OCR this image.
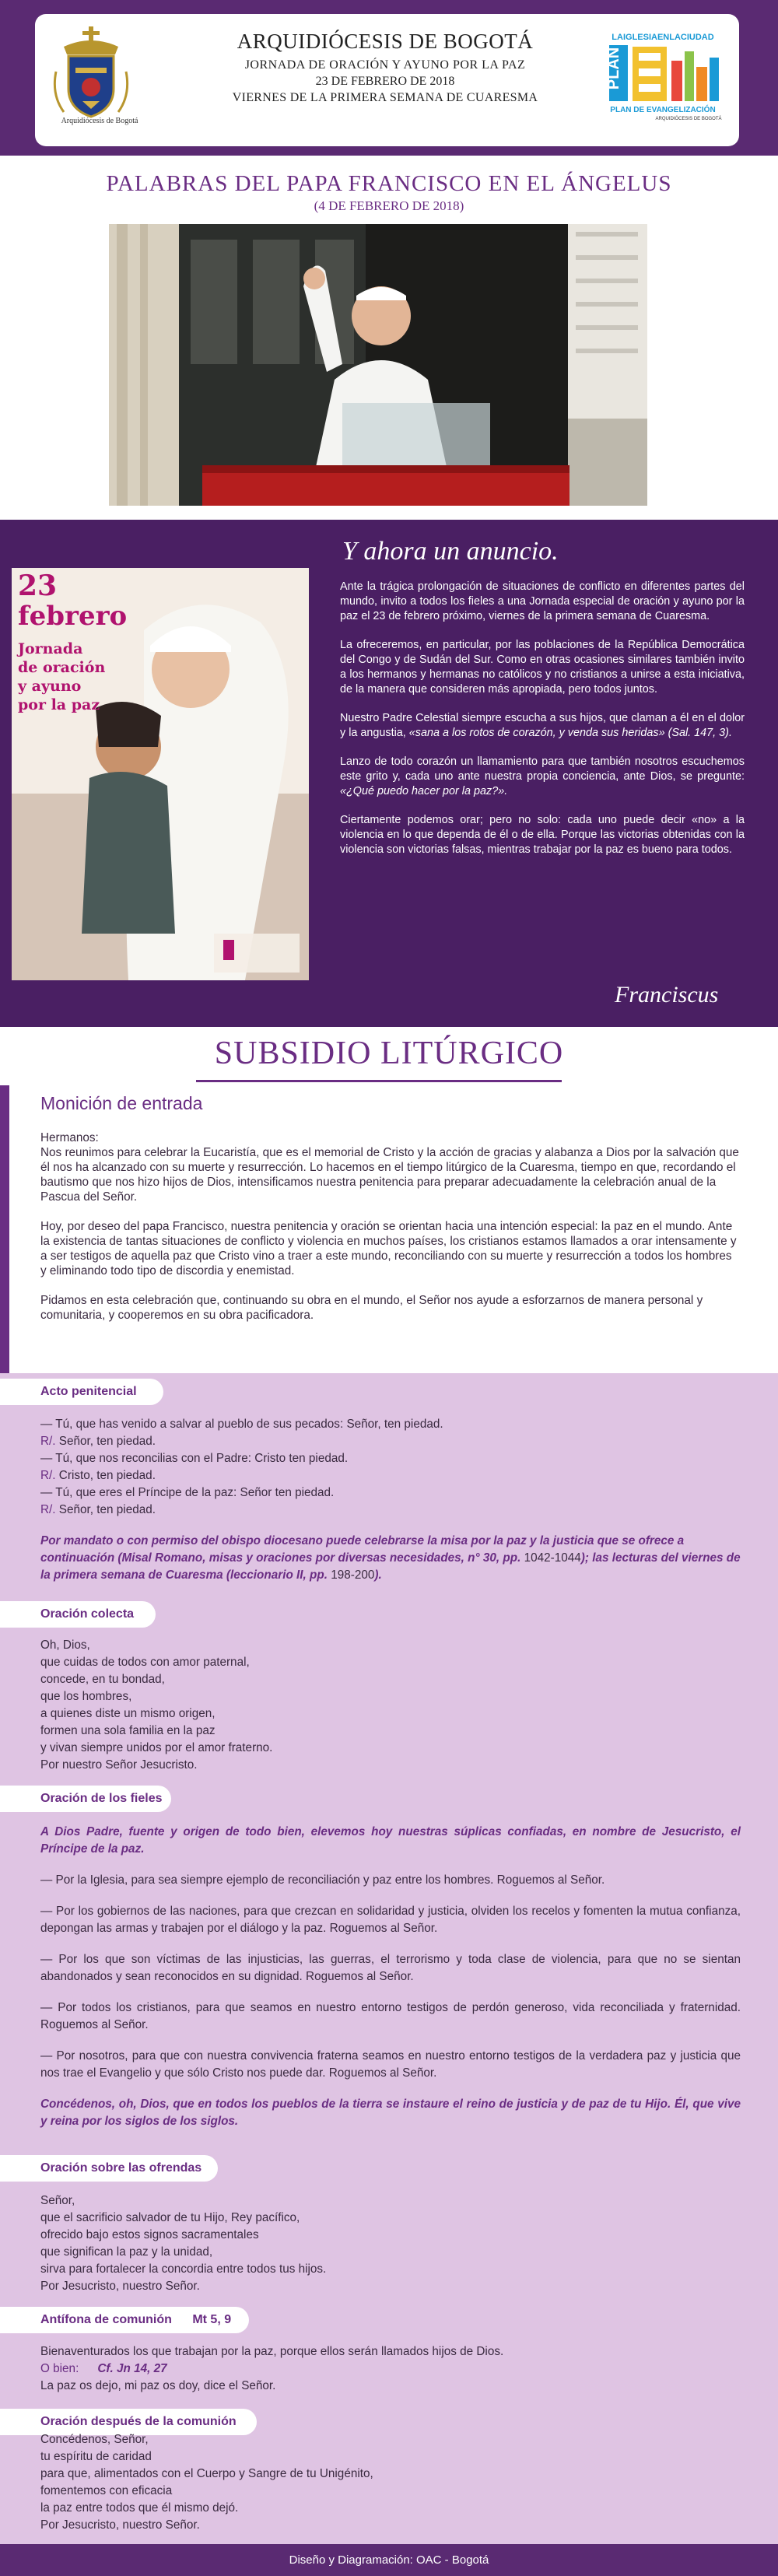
Arquidiócesis de Bogotá
ARQUIDIÓCESIS DE BOGOTÁ
JORNADA DE ORACIÓN Y AYUNO POR LA PAZ
23 DE FEBRERO DE 2018
VIERNES DE LA PRIMERA SEMANA DE CUARESMA
LAIGLESIAENLACIUDAD
PLAN
PLAN DE EVANGELIZACIÓN
ARQUIDIÓCESIS DE BOGOTÁ
PALABRAS DEL PAPA FRANCISCO EN EL ÁNGELUS
(4 DE FEBRERO DE 2018)
23
febrero
Jornada
de oración
y ayuno
por la paz
Y ahora un anuncio.

Ante la trágica prolongación de situaciones de conflicto en diferentes partes del mundo, invito a todos los fieles a una Jornada especial de oración y ayuno por la paz el 23 de febrero próximo, viernes de la primera semana de Cuaresma.

La ofreceremos, en particular, por las poblaciones de la República Democrática del Congo y de Sudán del Sur. Como en otras ocasiones similares también invito a los hermanos y hermanas no católicos y no cristianos a unirse a esta iniciativa, de la manera que consideren más apropiada, pero todos juntos.

Nuestro Padre Celestial siempre escucha a sus hijos, que claman a él en el dolor y la angustia, «sana a los rotos de corazón, y venda sus heridas» (Sal. 147, 3).

Lanzo de todo corazón un llamamiento para que también nosotros escuchemos este grito y, cada uno ante nuestra propia conciencia, ante Dios, se pregunte: «¿Qué puedo hacer por la paz?».

Ciertamente podemos orar; pero no solo: cada uno puede decir «no» a la violencia en lo que dependa de él o de ella. Porque las victorias obtenidas con la violencia son victorias falsas, mientras trabajar por la paz es bueno para todos.

Franciscus
SUBSIDIO LITÚRGICO
Monición de entrada
Hermanos:

Nos reunimos para celebrar la Eucaristía, que es el memorial de Cristo y la acción de gracias y alabanza a Dios por la salvación que él nos ha alcanzado con su muerte y resurrección. Lo hacemos en el tiempo litúrgico de la Cuaresma, tiempo en que, recordando el bautismo que nos hizo hijos de Dios, intensificamos nuestra penitencia para preparar adecuadamente la celebración anual de la Pascua del Señor.

Hoy, por deseo del papa Francisco, nuestra penitencia y oración se orientan hacia una intención especial: la paz en el mundo. Ante la existencia de tantas situaciones de conflicto y violencia en muchos países, los cristianos estamos llamados a orar intensamente y a ser testigos de aquella paz que Cristo vino a traer a este mundo, reconciliando con su muerte y resurrección a todos los hombres y eliminando todo tipo de discordia y enemistad.

Pidamos en esta celebración que, continuando su obra en el mundo, el Señor nos ayude a esforzarnos de manera personal y comunitaria, y cooperemos en su obra pacificadora.

Acto penitencial
— Tú, que has venido a salvar al pueblo de sus pecados: Señor, ten piedad.
R/. Señor, ten piedad.
— Tú, que nos reconcilias con el Padre: Cristo ten piedad.
R/. Cristo, ten piedad.
— Tú, que eres el Príncipe de la paz: Señor ten piedad.
R/. Señor, ten piedad.

Por mandato o con permiso del obispo diocesano puede celebrarse la misa por la paz y la justicia que se ofrece a continuación (Misal Romano, misas y oraciones por diversas necesidades, n° 30, pp. 1042-1044); las lecturas del viernes de la primera semana de Cuaresma (leccionario II, pp. 198-200).

Oración colecta
Oh, Dios,
que cuidas de todos con amor paternal,
concede, en tu bondad,
que los hombres,
a quienes diste un mismo origen,
formen una sola familia en la paz
y vivan siempre unidos por el amor fraterno.
Por nuestro Señor Jesucristo.
Oración de los fieles

A Dios Padre, fuente y origen de todo bien, elevemos hoy nuestras súplicas confiadas, en nombre de Jesucristo, el Príncipe de la paz.

— Por la Iglesia, para sea siempre ejemplo de reconciliación y paz entre los hombres. Roguemos al Señor.

— Por los gobiernos de las naciones, para que crezcan en solidaridad y justicia, olviden los recelos y fomenten la mutua confianza, depongan las armas y trabajen por el diálogo y la paz. Roguemos al Señor.

— Por los que son víctimas de las injusticias, las guerras, el terrorismo y toda clase de violencia, para que no se sientan abandonados y sean reconocidos en su dignidad. Roguemos al Señor.

— Por todos los cristianos, para que seamos en nuestro entorno testigos de perdón generoso, vida reconciliada y fraternidad. Roguemos al Señor.

— Por nosotros, para que con nuestra convivencia fraterna seamos en nuestro entorno testigos de la verdadera paz y justicia que nos trae el Evangelio y que sólo Cristo nos puede dar. Roguemos al Señor.

Concédenos, oh, Dios, que en todos los pueblos de la tierra se instaure el reino de justicia y de paz de tu Hijo. Él, que vive y reina por los siglos de los siglos.

Oración sobre las ofrendas
Señor,
que el sacrificio salvador de tu Hijo, Rey pacífico,
ofrecido bajo estos signos sacramentales
que significan la paz y la unidad,
sirva para fortalecer la concordia entre todos tus hijos.
Por Jesucristo, nuestro Señor.
Antífona de comunión Mt 5, 9
Bienaventurados los que trabajan por la paz, porque ellos serán llamados hijos de Dios.
O bien: Cf. Jn 14, 27
La paz os dejo, mi paz os doy, dice el Señor.
Oración después de la comunión
Concédenos, Señor,
tu espíritu de caridad
para que, alimentados con el Cuerpo y Sangre de tu Unigénito,
fomentemos con eficacia
la paz entre todos que él mismo dejó.
Por Jesucristo, nuestro Señor.
Diseño y Diagramación: OAC - Bogotá
